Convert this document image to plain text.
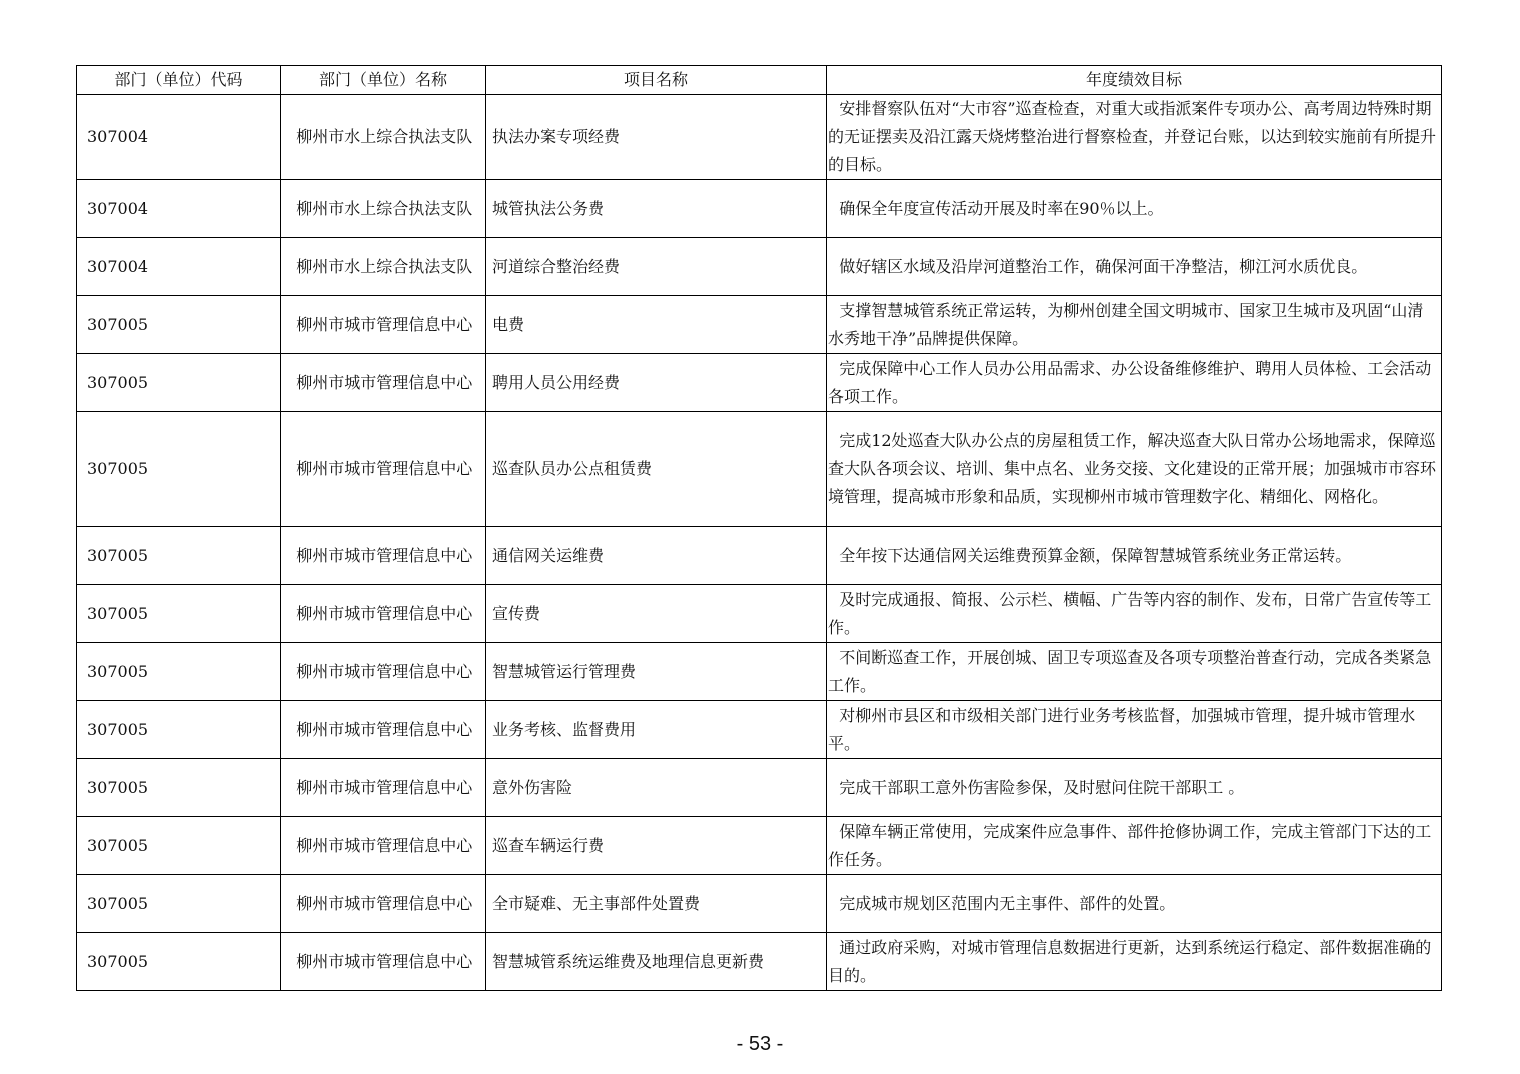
部门（单位）代码	部门（单位）名称	项目名称	年度绩效目标
307004	柳州市水上综合执法支队	执法办案专项经费	安排督察队伍对“大市容”巡查检查，对重大或指派案件专项办公、高考周边特殊时期的无证摆卖及沿江露天烧烤整治进行督察检查，并登记台账，以达到较实施前有所提升的目标。
307004	柳州市水上综合执法支队	城管执法公务费	确保全年度宣传活动开展及时率在90％以上。
307004	柳州市水上综合执法支队	河道综合整治经费	做好辖区水域及沿岸河道整治工作，确保河面干净整洁，柳江河水质优良。
307005	柳州市城市管理信息中心	电费	支撑智慧城管系统正常运转，为柳州创建全国文明城市、国家卫生城市及巩固“山清水秀地干净”品牌提供保障。
307005	柳州市城市管理信息中心	聘用人员公用经费	完成保障中心工作人员办公用品需求、办公设备维修维护、聘用人员体检、工会活动各项工作。
307005	柳州市城市管理信息中心	巡查队员办公点租赁费	完成12处巡查大队办公点的房屋租赁工作，解决巡查大队日常办公场地需求，保障巡查大队各项会议、培训、集中点名、业务交接、文化建设的正常开展；加强城市市容环境管理，提高城市形象和品质，实现柳州市城市管理数字化、精细化、网格化。
307005	柳州市城市管理信息中心	通信网关运维费	全年按下达通信网关运维费预算金额，保障智慧城管系统业务正常运转。
307005	柳州市城市管理信息中心	宣传费	及时完成通报、简报、公示栏、横幅、广告等内容的制作、发布，日常广告宣传等工作。
307005	柳州市城市管理信息中心	智慧城管运行管理费	不间断巡查工作，开展创城、固卫专项巡查及各项专项整治普查行动，完成各类紧急工作。
307005	柳州市城市管理信息中心	业务考核、监督费用	对柳州市县区和市级相关部门进行业务考核监督，加强城市管理，提升城市管理水平。
307005	柳州市城市管理信息中心	意外伤害险	完成干部职工意外伤害险参保，及时慰问住院干部职工 。
307005	柳州市城市管理信息中心	巡查车辆运行费	保障车辆正常使用，完成案件应急事件、部件抢修协调工作，完成主管部门下达的工作任务。
307005	柳州市城市管理信息中心	全市疑难、无主事部件处置费	完成城市规划区范围内无主事件、部件的处置。
307005	柳州市城市管理信息中心	智慧城管系统运维费及地理信息更新费	通过政府采购，对城市管理信息数据进行更新，达到系统运行稳定、部件数据准确的目的。
- 53 -
